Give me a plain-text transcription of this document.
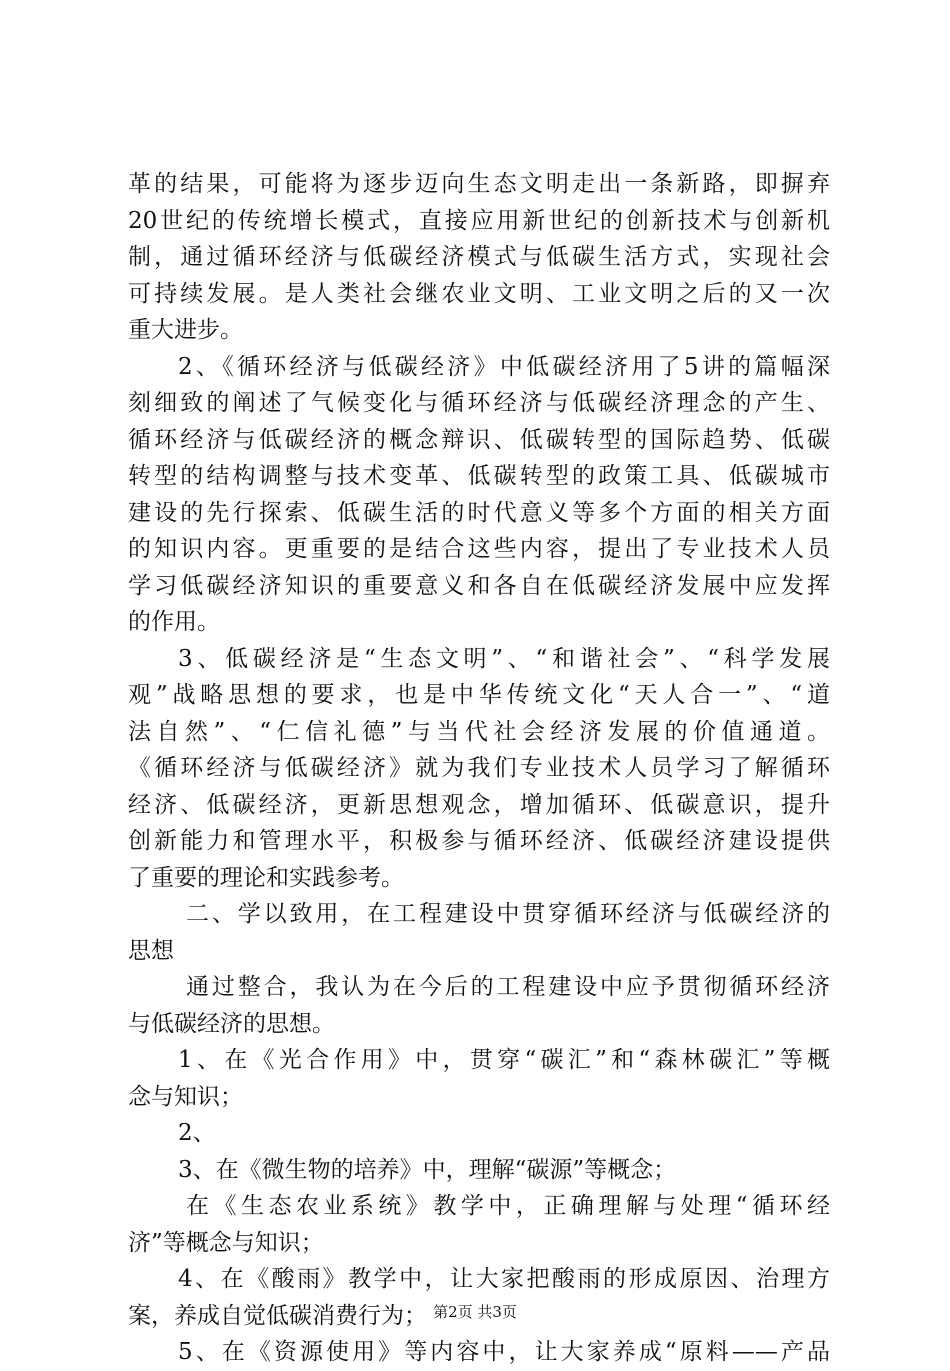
革的结果，可能将为逐步迈向生态文明走出一条新路，即摒弃
20世纪的传统增长模式，直接应用新世纪的创新技术与创新机
制，通过循环经济与低碳经济模式与低碳生活方式，实现社会
可持续发展。是人类社会继农业文明、工业文明之后的又一次
重大进步。
2、《循环经济与低碳经济》中低碳经济用了5讲的篇幅深
刻细致的阐述了气候变化与循环经济与低碳经济理念的产生、
循环经济与低碳经济的概念辩识、低碳转型的国际趋势、低碳
转型的结构调整与技术变革、低碳转型的政策工具、低碳城市
建设的先行探索、低碳生活的时代意义等多个方面的相关方面
的知识内容。更重要的是结合这些内容，提出了专业技术人员
学习低碳经济知识的重要意义和各自在低碳经济发展中应发挥
的作用。
3、低碳经济是“生态文明”、“和谐社会”、“科学发展
观”战略思想的要求，也是中华传统文化“天人合一”、“道
法自然”、“仁信礼德”与当代社会经济发展的价值通道。
《循环经济与低碳经济》就为我们专业技术人员学习了解循环
经济、低碳经济，更新思想观念，增加循环、低碳意识，提升
创新能力和管理水平，积极参与循环经济、低碳经济建设提供
了重要的理论和实践参考。
二、学以致用，在工程建设中贯穿循环经济与低碳经济的
思想
通过整合，我认为在今后的工程建设中应予贯彻循环经济
与低碳经济的思想。
1、在《光合作用》中，贯穿“碳汇”和“森林碳汇”等概
念与知识；
2、
3、在《微生物的培养》中，理解“碳源”等概念；
在《生态农业系统》教学中，正确理解与处理“循环经
济”等概念与知识；
4、在《酸雨》教学中，让大家把酸雨的形成原因、治理方
案，养成自觉低碳消费行为；
5、在《资源使用》等内容中，让大家养成“原料——产品
第2页 共3页
